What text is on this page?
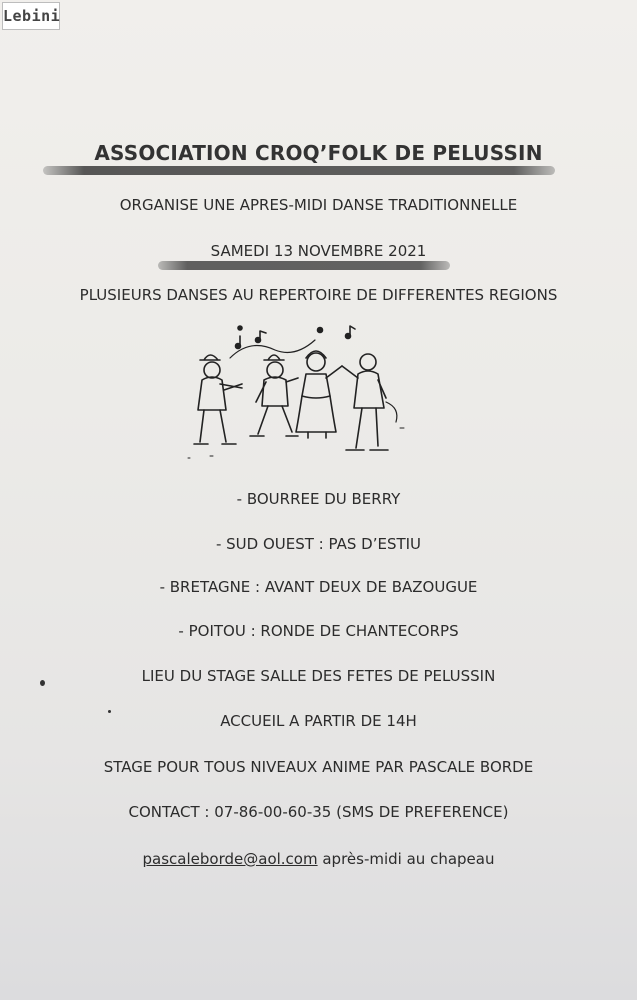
Lebini
ASSOCIATION CROQ’FOLK DE PELUSSIN
ORGANISE UNE APRES-MIDI DANSE TRADITIONNELLE
SAMEDI 13 NOVEMBRE 2021
PLUSIEURS DANSES AU REPERTOIRE DE DIFFERENTES REGIONS
- BOURREE DU BERRY
- SUD OUEST : PAS D’ESTIU
- BRETAGNE : AVANT DEUX DE BAZOUGUE
- POITOU : RONDE DE CHANTECORPS
LIEU DU STAGE SALLE DES FETES DE PELUSSIN
ACCUEIL A PARTIR DE 14H
STAGE POUR TOUS NIVEAUX ANIME PAR PASCALE BORDE
CONTACT : 07-86-00-60-35 (SMS DE PREFERENCE)
pascaleborde@aol.com après-midi au chapeau
